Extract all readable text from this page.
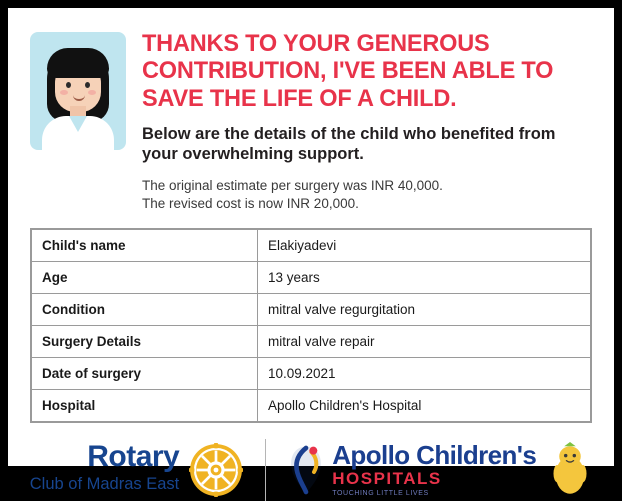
THANKS TO YOUR GENEROUS CONTRIBUTION, I'VE BEEN ABLE TO SAVE THE LIFE OF A CHILD.

Below are the details of the child who benefited from your overwhelming support.

The original estimate per surgery was INR 40,000.
The revised cost is now INR 20,000.

Child's name	Elakiyadevi
Age	13 years
Condition	mitral valve regurgitation
Surgery Details	mitral valve repair
Date of surgery	10.09.2021
Hospital	Apollo Children's Hospital
Rotary
Club of Madras East
Apollo Children's
HOSPITALS
TOUCHING LITTLE LIVES
